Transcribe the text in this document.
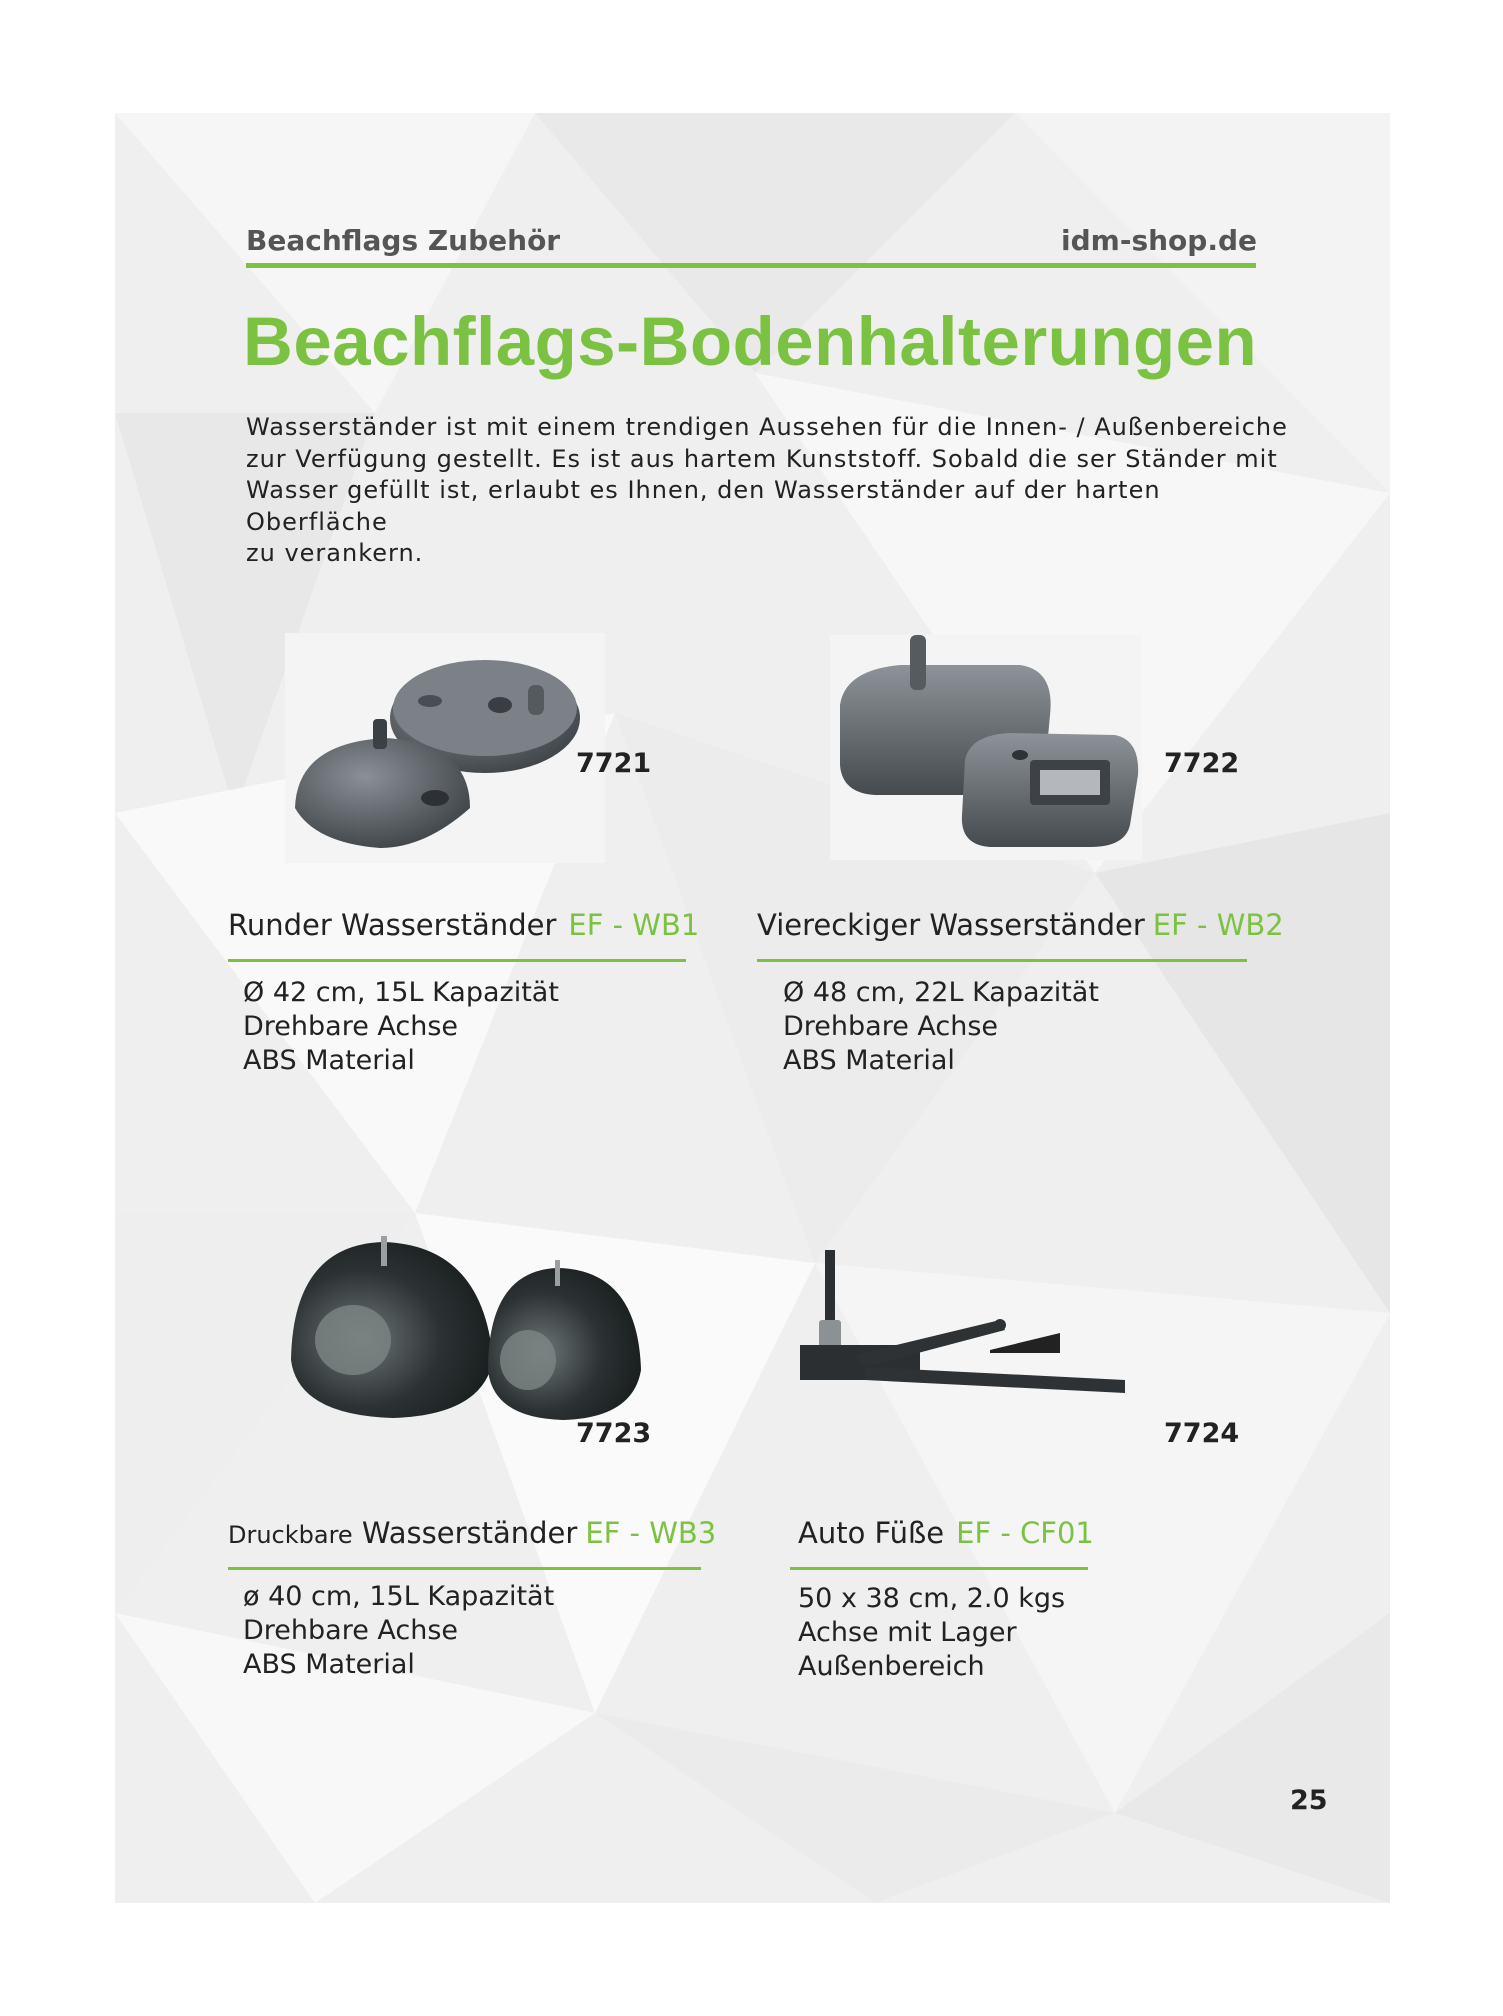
Beachflags Zubehör	idm-shop.de
Beachflags-Bodenhalterungen
Wasserständer ist mit einem trendigen Aussehen für die Innen- / Außenbereiche
zur Verfügung gestellt. Es ist aus hartem Kunststoff. Sobald die ser Ständer mit
Wasser gefüllt ist, erlaubt es Ihnen, den Wasserständer auf der harten
Oberfläche
zu verankern.
7721
Runder Wasserständer EF - WB1
Ø 42 cm, 15L Kapazität
Drehbare Achse
ABS Material
7722
Viereckiger Wasserständer EF - WB2
Ø 48 cm, 22L Kapazität
Drehbare Achse
ABS Material
7723
Druckbare Wasserständer EF - WB3
ø 40 cm, 15L Kapazität
Drehbare Achse
ABS Material
7724
Auto Füße EF - CF01
50 x 38 cm, 2.0 kgs
Achse mit Lager
Außenbereich
25
